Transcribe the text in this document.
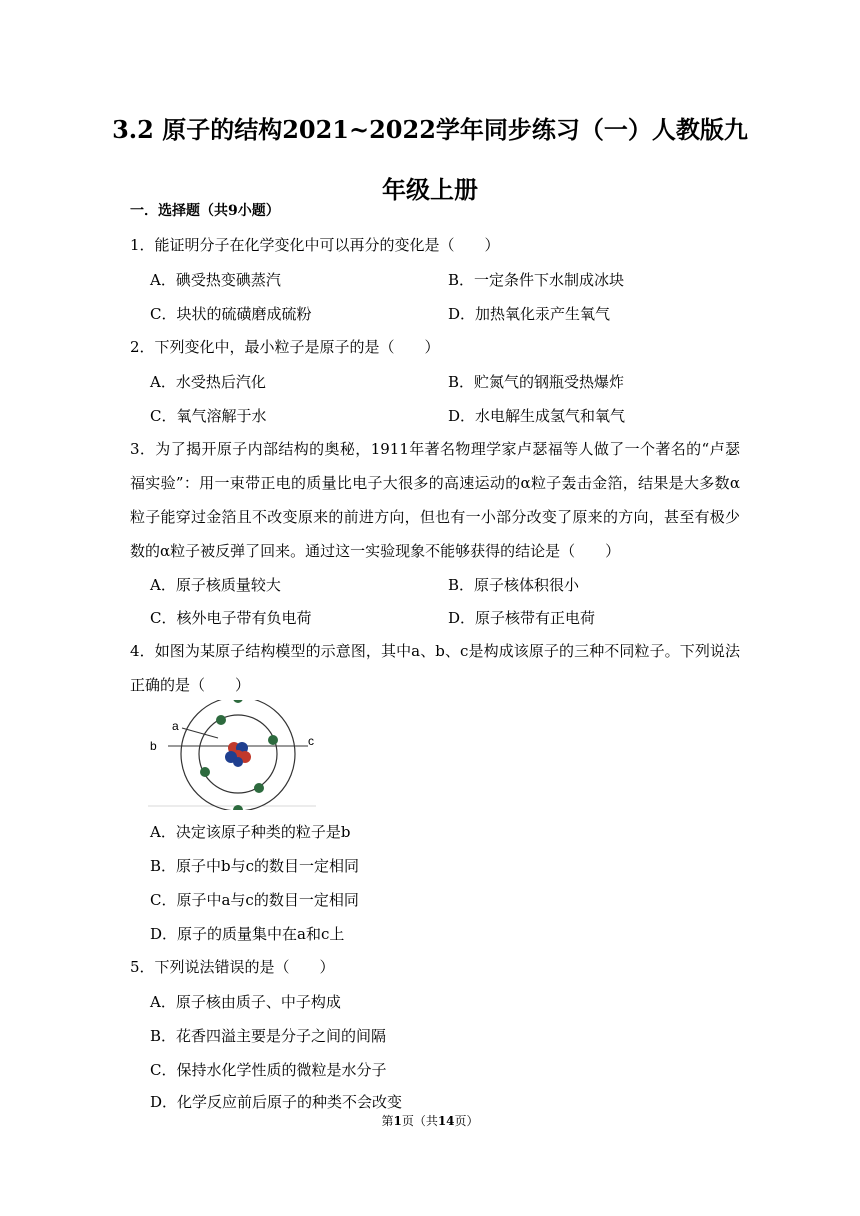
3.2 原子的结构2021~2022学年同步练习（一）人教版九年级上册
一．选择题（共9小题）
1．能证明分子在化学变化中可以再分的变化是（　　）
A．碘受热变碘蒸汽	B．一定条件下水制成冰块
C．块状的硫磺磨成硫粉	D．加热氧化汞产生氧气
2．下列变化中，最小粒子是原子的是（　　）
A．水受热后汽化	B．贮氮气的钢瓶受热爆炸
C．氧气溶解于水	D．水电解生成氢气和氧气
3．为了揭开原子内部结构的奥秘，1911年著名物理学家卢瑟福等人做了一个著名的“卢瑟福实验”：用一束带正电的质量比电子大很多的高速运动的α粒子轰击金箔，结果是大多数α粒子能穿过金箔且不改变原来的前进方向，但也有一小部分改变了原来的方向，甚至有极少数的α粒子被反弹了回来。通过这一实验现象不能够获得的结论是（　　）
A．原子核质量较大	B．原子核体积很小
C．核外电子带有负电荷	D．原子核带有正电荷
4．如图为某原子结构模型的示意图，其中a、b、c是构成该原子的三种不同粒子。下列说法正确的是（　　）
a
b	c
A．决定该原子种类的粒子是b
B．原子中b与c的数目一定相同
C．原子中a与c的数目一定相同
D．原子的质量集中在a和c上
5．下列说法错误的是（　　）
A．原子核由质子、中子构成
B．花香四溢主要是分子之间的间隔
C．保持水化学性质的微粒是水分子
D．化学反应前后原子的种类不会改变
第1页（共14页）
